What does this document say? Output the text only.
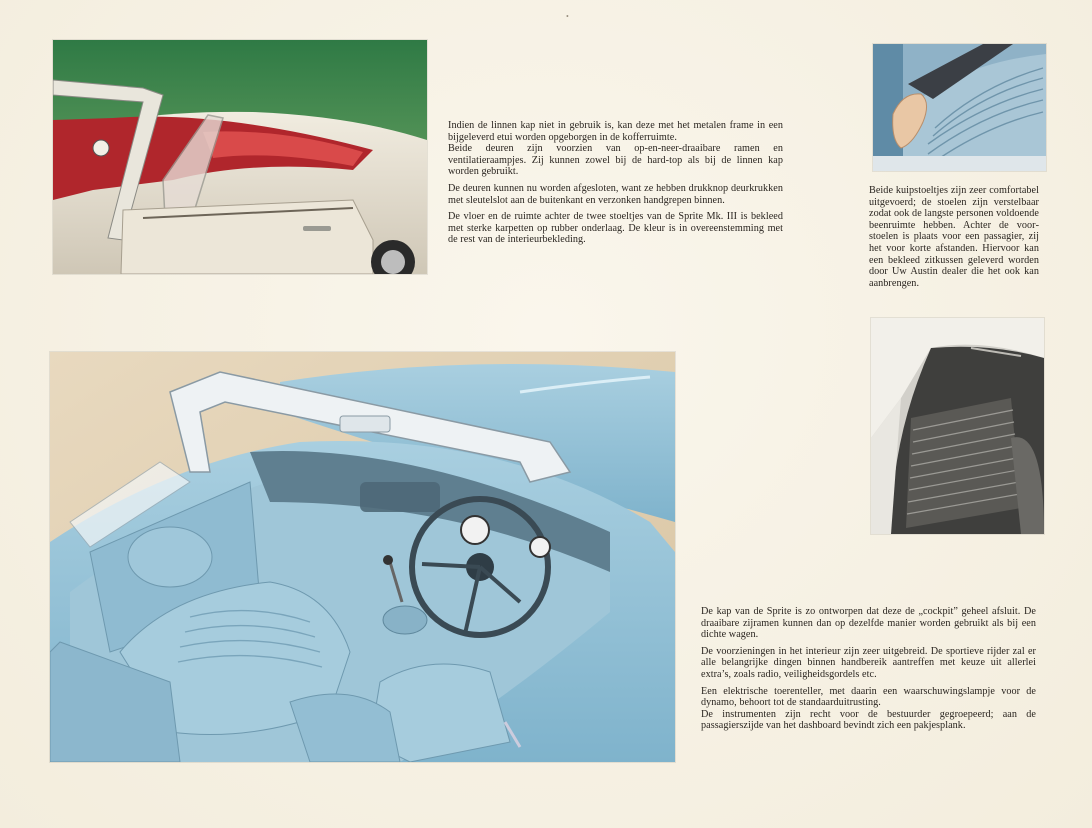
•

Indien de linnen kap niet in gebruik is, kan deze met het metalen frame in een bijgeleverd etui worden opgeborgen in de kofferruimte.

Beide deuren zijn voorzien van op-en-neer-draaibare ramen en ventilatieraampjes. Zij kunnen zowel bij de hard-top als bij de linnen kap worden gebruikt.

De deuren kunnen nu worden afgesloten, want ze hebben drukknop deurkrukken met sleutelslot aan de buitenkant en verzonken handgrepen binnen.

De vloer en de ruimte achter de twee stoeltjes van de Sprite Mk. III is bekleed met sterke karpetten op rubber onderlaag. De kleur is in overeenstemming met de rest van de interieurbekleding.

Beide kuipstoeltjes zijn zeer comfortabel uitgevoerd; de stoelen zijn verstelbaar zodat ook de langste personen voldoende beenruimte hebben. Achter de voorstoelen is plaats voor een passagier, zij het voor korte afstanden. Hiervoor kan een bekleed zitkussen geleverd worden door Uw Austin dealer die het ook kan aanbrengen.

De kap van de Sprite is zo ontworpen dat deze de „cockpit” geheel afsluit. De draaibare zijramen kunnen dan op dezelfde manier worden gebruikt als bij een dichte wagen.

De voorzieningen in het interieur zijn zeer uitgebreid. De sportieve rijder zal er alle belangrijke dingen binnen handbereik aantreffen met keuze uit allerlei extra’s, zoals radio, veiligheidsgordels etc.

Een elektrische toerenteller, met daarin een waarschuwingslampje voor de dynamo, behoort tot de standaarduitrusting.

De instrumenten zijn recht voor de bestuurder gegroepeerd; aan de passagierszijde van het dashboard bevindt zich een pakjesplank.
